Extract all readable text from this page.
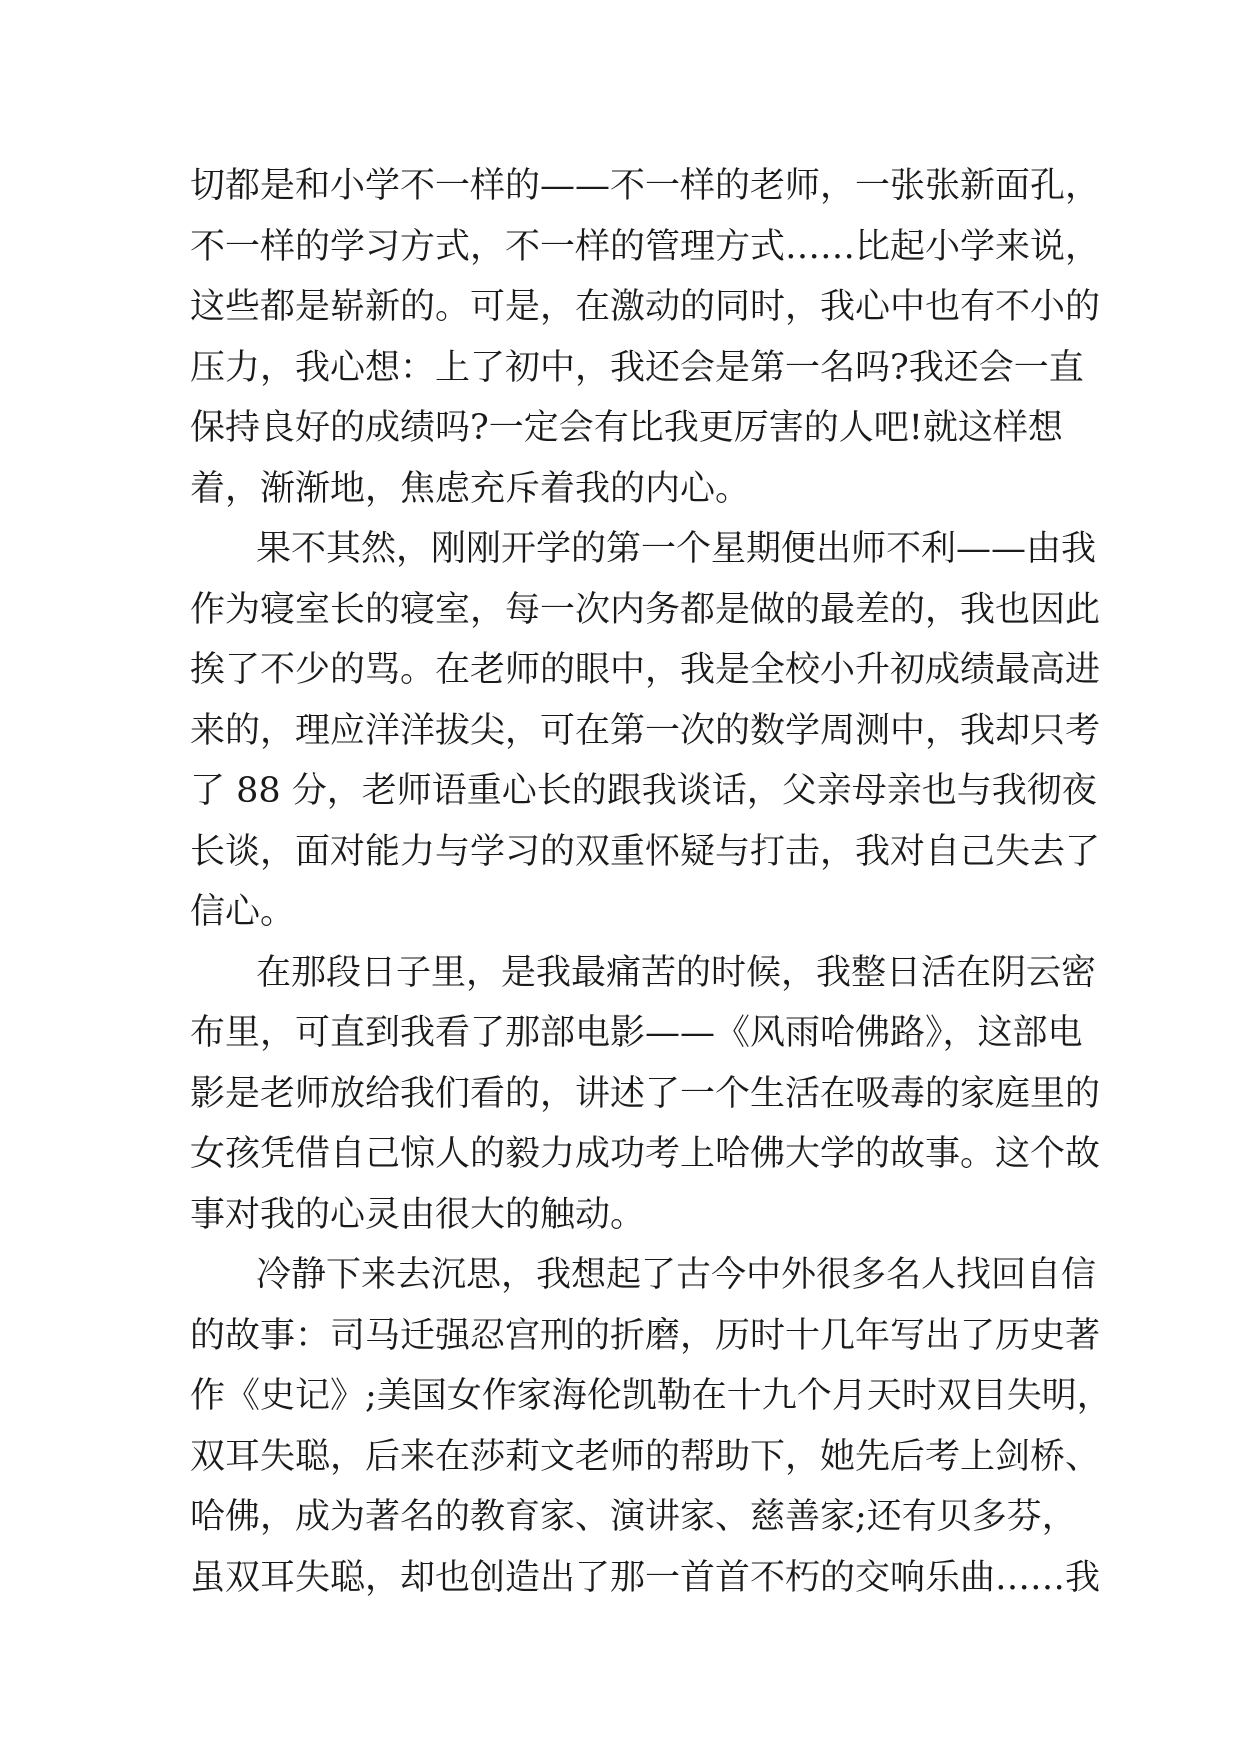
切都是和小学不一样的——不一样的老师，一张张新面孔，
不一样的学习方式，不一样的管理方式……比起小学来说，
这些都是崭新的。可是，在激动的同时，我心中也有不小的
压力，我心想：上了初中，我还会是第一名吗?我还会一直
保持良好的成绩吗?一定会有比我更厉害的人吧!就这样想
着，渐渐地，焦虑充斥着我的内心。
果不其然，刚刚开学的第一个星期便出师不利——由我
作为寝室长的寝室，每一次内务都是做的最差的，我也因此
挨了不少的骂。在老师的眼中，我是全校小升初成绩最高进
来的，理应洋洋拔尖，可在第一次的数学周测中，我却只考
了 88 分，老师语重心长的跟我谈话，父亲母亲也与我彻夜
长谈，面对能力与学习的双重怀疑与打击，我对自己失去了
信心。
在那段日子里，是我最痛苦的时候，我整日活在阴云密
布里，可直到我看了那部电影——《风雨哈佛路》，这部电
影是老师放给我们看的，讲述了一个生活在吸毒的家庭里的
女孩凭借自己惊人的毅力成功考上哈佛大学的故事。这个故
事对我的心灵由很大的触动。
冷静下来去沉思，我想起了古今中外很多名人找回自信
的故事：司马迁强忍宫刑的折磨，历时十几年写出了历史著
作《史记》;美国女作家海伦凯勒在十九个月天时双目失明，
双耳失聪，后来在莎莉文老师的帮助下，她先后考上剑桥、
哈佛，成为著名的教育家、演讲家、慈善家;还有贝多芬，
虽双耳失聪，却也创造出了那一首首不朽的交响乐曲……我
